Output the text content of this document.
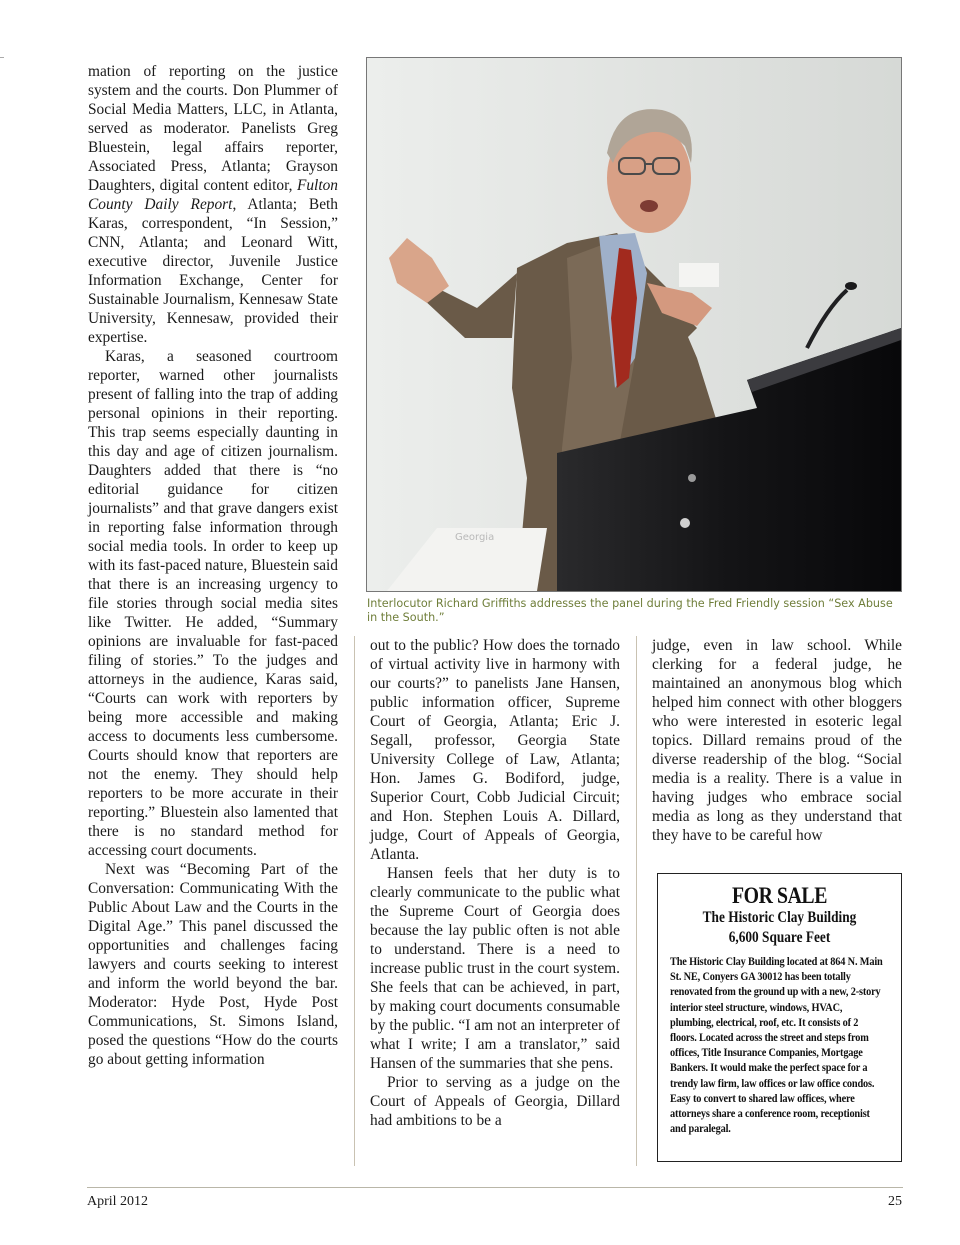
mation of reporting on the justice system and the courts. Don Plummer of Social Media Matters, LLC, in Atlanta, served as moderator. Panelists Greg Bluestein, legal affairs reporter, Associated Press, Atlanta; Grayson Daughters, digital content editor, Fulton County Daily Report, Atlanta; Beth Karas, correspondent, “In Session,” CNN, Atlanta; and Leonard Witt, executive director, Juvenile Justice Information Exchange, Center for Sustainable Journalism, Kennesaw State University, Kennesaw, provided their expertise.

Karas, a seasoned courtroom reporter, warned other journalists present of falling into the trap of adding personal opinions in their reporting. This trap seems especially daunting in this day and age of citizen journalism. Daughters added that there is “no editorial guidance for citizen journalists” and that grave dangers exist in reporting false information through social media tools. In order to keep up with its fast-paced nature, Bluestein said that there is an increasing urgency to file stories through social media sites like Twitter. He added, “Summary opinions are invaluable for fast-paced filing of stories.” To the judges and attorneys in the audience, Karas said, “Courts can work with reporters by being more accessible and making access to documents less cumbersome. Courts should know that reporters are not the enemy. They should help reporters to be more accurate in their reporting.” Bluestein also lamented that there is no standard method for accessing court documents.

Next was “Becoming Part of the Conversation: Communicating With the Public About Law and the Courts in the Digital Age.” This panel discussed the opportunities and challenges facing lawyers and courts seeking to interest and inform the world beyond the bar. Moderator: Hyde Post, Hyde Post Communications, St. Simons Island, posed the questions “How do the courts go about getting information

Georgia
Interlocutor Richard Griffiths addresses the panel during the Fred Friendly session “Sex Abuse in the South.”

out to the public? How does the tornado of virtual activity live in harmony with our courts?” to panelists Jane Hansen, public information officer, Supreme Court of Georgia, Atlanta; Eric J. Segall, professor, Georgia State University College of Law, Atlanta; Hon. James G. Bodiford, judge, Superior Court, Cobb Judicial Circuit; and Hon. Stephen Louis A. Dillard, judge, Court of Appeals of Georgia, Atlanta.

Hansen feels that her duty is to clearly communicate to the public what the Supreme Court of Georgia does because the lay public often is not able to understand. There is a need to increase public trust in the court system. She feels that can be achieved, in part, by making court documents consumable by the public. “I am not an interpreter of what I write; I am a translator,” said Hansen of the summaries that she pens.

Prior to serving as a judge on the Court of Appeals of Georgia, Dillard had ambitions to be a

judge, even in law school. While clerking for a federal judge, he maintained an anonymous blog which helped him connect with other bloggers who were interested in esoteric legal topics. Dillard remains proud of the diverse readership of the blog. “Social media is a reality. There is a value in having judges who embrace social media as long as they understand that they have to be careful how

FOR SALE
The Historic Clay Building
6,600 Square Feet
The Historic Clay Building located at 864 N. Main St. NE, Conyers GA 30012 has been totally renovated from the ground up with a new, 2-story interior steel structure, windows, HVAC, plumbing, electrical, roof, etc. It consists of 2 floors. Located across the street and steps from offices, Title Insurance Companies, Mortgage Bankers. It would make the perfect space for a trendy law firm, law offices or law office condos. Easy to convert to shared law offices, where attorneys share a conference room, receptionist and paralegal.
April 2012	25
